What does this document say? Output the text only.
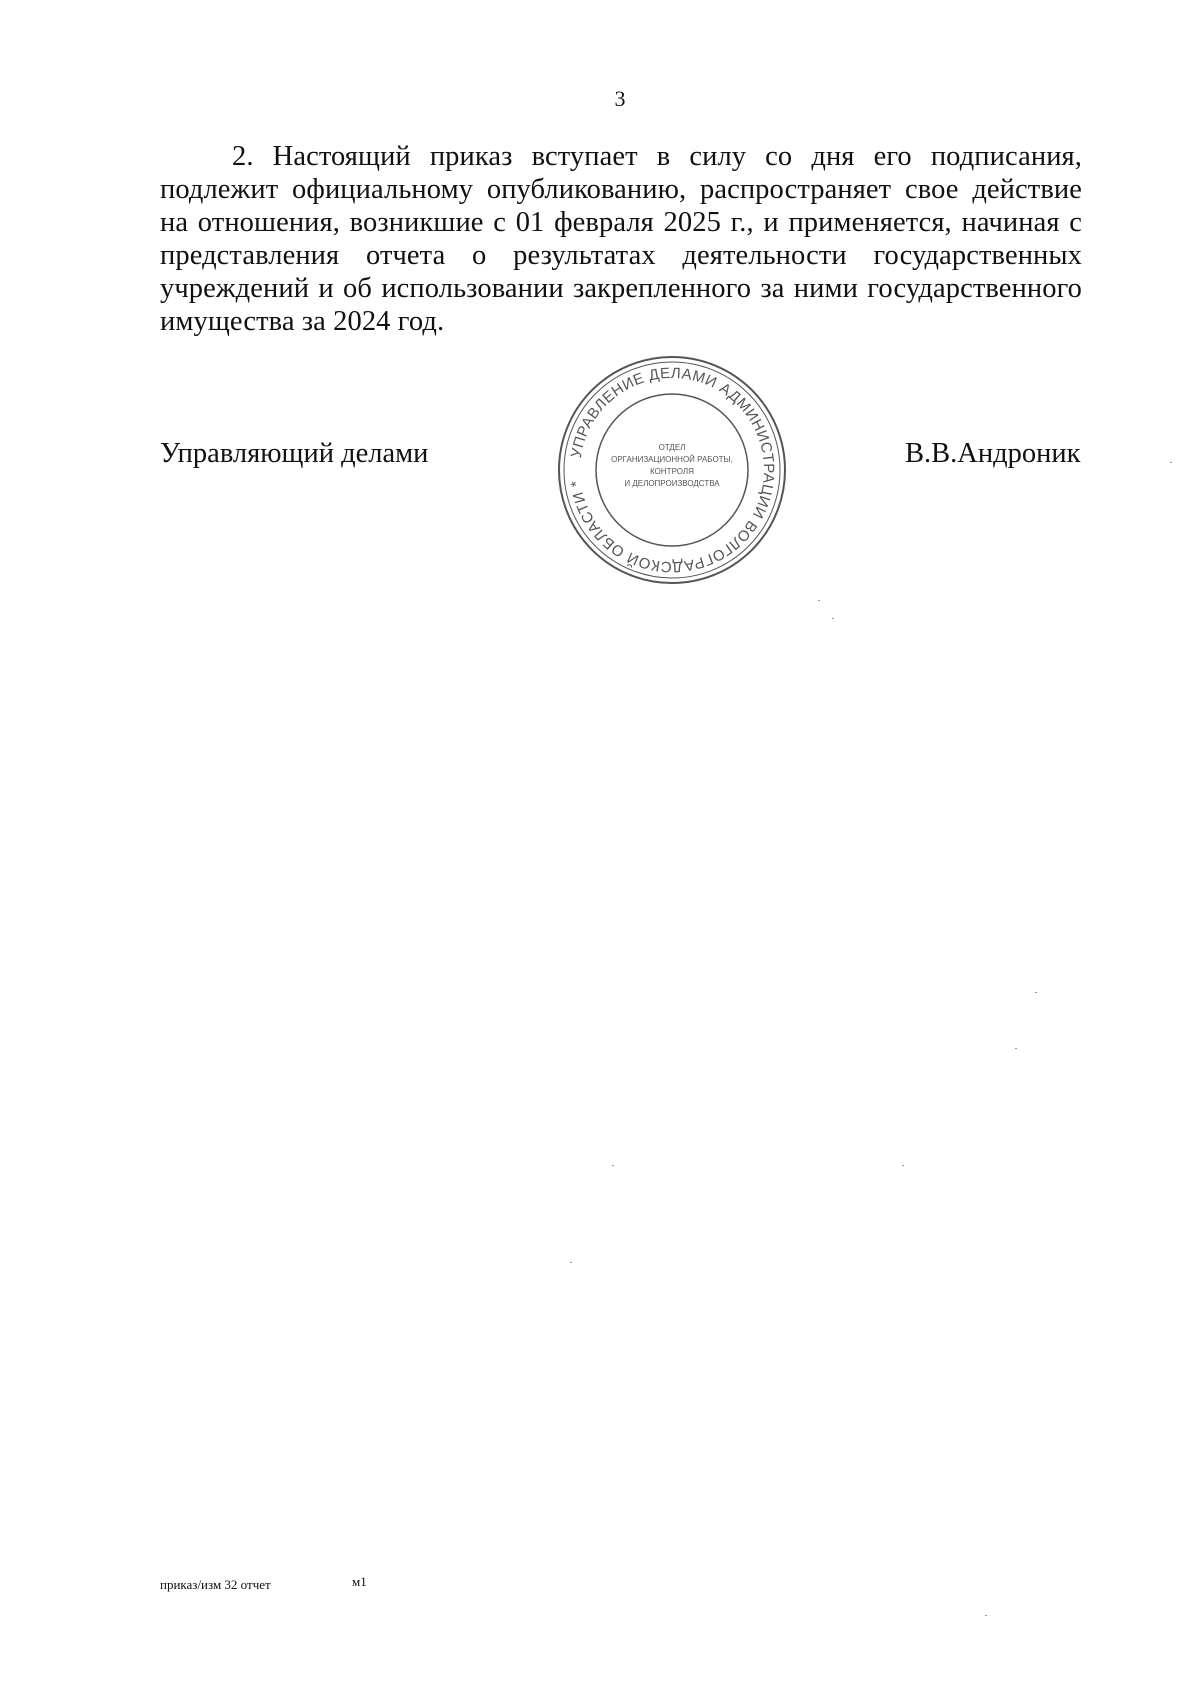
3
2. Настоящий приказ вступает в силу со дня его подписания, подлежит официальному опубликованию, распространяет свое действие на отношения, возникшие с 01 февраля 2025 г., и применяется, начиная с представления отчета о результатах деятельности государственных учреждений и об использовании закрепленного за ними государственного имущества за 2024 год.
Управляющий делами	УПРАВЛЕНИЕ ДЕЛАМИ АДМИНИСТРАЦИИ ВОЛГОГРАДСКОЙ ОБЛАСТИ *
ОТДЕЛ
ОРГАНИЗАЦИОННОЙ РАБОТЫ,
КОНТРОЛЯ
И ДЕЛОПРОИЗВОДСТВА
В.В.Андроник
приказ/изм 32 отчет	м1
